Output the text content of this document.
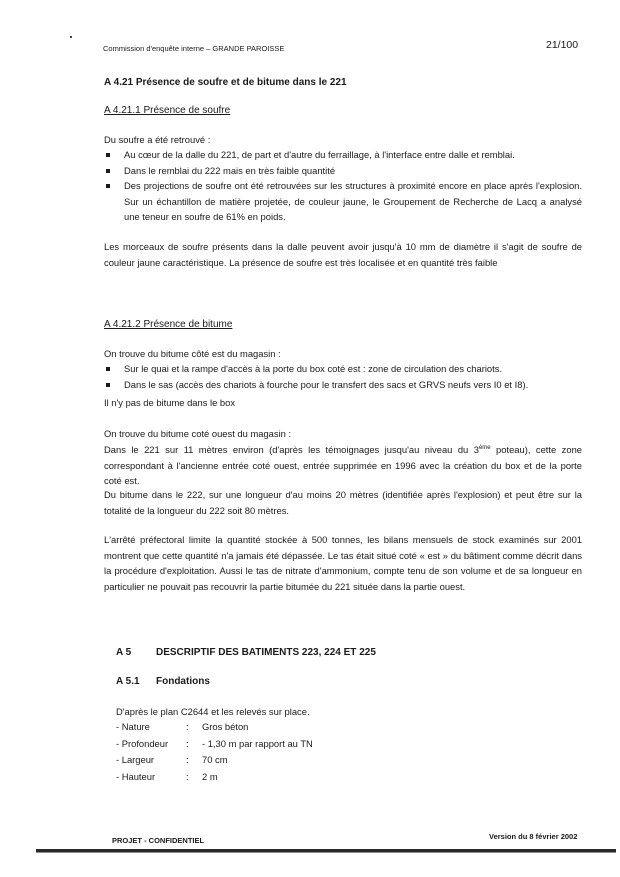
Commission d'enquête interne – GRANDE PAROISSE	21/100
A 4.21 Présence de soufre et de bitume dans le 221
A 4.21.1 Présence de soufre
Du soufre a été retrouvé :
Au cœur de la dalle du 221, de part et d'autre du ferraillage, à l'interface entre dalle et remblai.
Dans le remblai du 222 mais en très faible quantité
Des projections de soufre ont été retrouvées sur les structures à proximité encore en place après l'explosion. Sur un échantillon de matière projetée, de couleur jaune, le Groupement de Recherche de Lacq a analysé une teneur en soufre de 61% en poids.
Les morceaux de soufre présents dans la dalle peuvent avoir jusqu'à 10 mm de diamètre il s'agit de soufre de couleur jaune caractéristique. La présence de soufre est très localisée et en quantité très faible
A 4.21.2 Présence de bitume
On trouve du bitume côté est du magasin :
Sur le quai et la rampe d'accès à la porte du box coté est : zone de circulation des chariots.
Dans le sas (accès des chariots à fourche pour le transfert des sacs et GRVS neufs vers I0 et I8).
Il n'y pas de bitume dans le box
On trouve du bitume coté ouest du magasin :
Dans le 221 sur 11 mètres environ (d'après les témoignages jusqu'au niveau du 3ème poteau), cette zone correspondant à l'ancienne entrée coté ouest, entrée supprimée en 1996 avec la création du box et de la porte coté est.
Du bitume dans le 222, sur une longueur d'au moins 20 mètres (identifiée après l'explosion) et peut être sur la totalité de la longueur du 222 soit 80 mètres.
L'arrêté préfectoral limite la quantité stockée à 500 tonnes, les bilans mensuels de stock examinés sur 2001 montrent que cette quantité n'a jamais été dépassée. Le tas était situé coté « est » du bâtiment comme décrit dans la procédure d'exploitation. Aussi le tas de nitrate d'ammonium, compte tenu de son volume et de sa longueur en particulier ne pouvait pas recouvrir la partie bitumée du 221 située dans la partie ouest.
A 5 DESCRIPTIF DES BATIMENTS 223, 224 ET 225
A 5.1 Fondations
D'après le plan C2644 et les relevés sur place.
- Nature	: Gros béton
- Profondeur : - 1,30 m par rapport au TN
- Largeur	: 70 cm
- Hauteur	: 2 m
PROJET - CONFIDENTIEL	Version du 8 février 2002
